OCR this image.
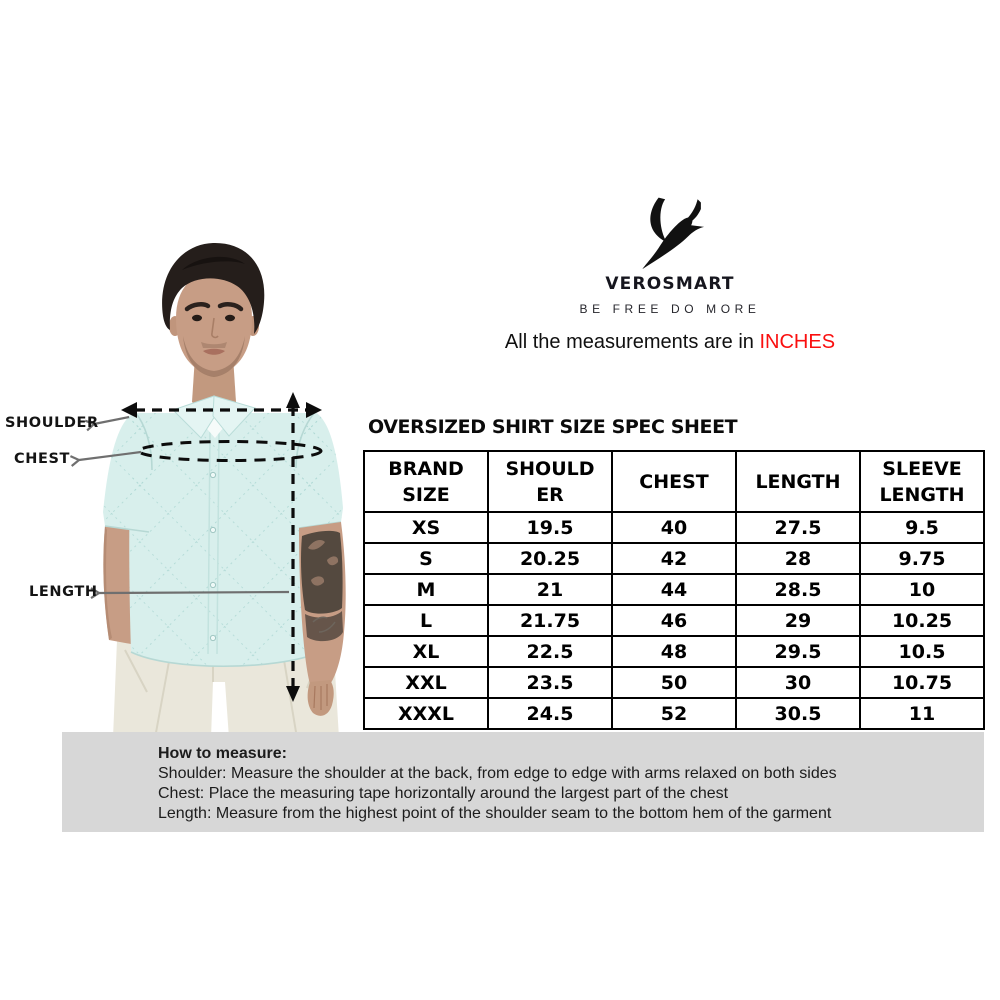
SHOULDER
CHEST
LENGTH
VEROSMART
BE FREE DO MORE
All the measurements are in INCHES
OVERSIZED SHIRT SIZE SPEC SHEET
BRAND SIZE	SHOULDER	CHEST	LENGTH	SLEEVE LENGTH
XS	19.5	40	27.5	9.5
S	20.25	42	28	9.75
M	21	44	28.5	10
L	21.75	46	29	10.25
XL	22.5	48	29.5	10.5
XXL	23.5	50	30	10.75
XXXL	24.5	52	30.5	11
How to measure:
Shoulder: Measure the shoulder at the back, from edge to edge with arms relaxed on both sides
Chest: Place the measuring tape horizontally around the largest part of the chest
Length: Measure from the highest point of the shoulder seam to the bottom hem of the garment
